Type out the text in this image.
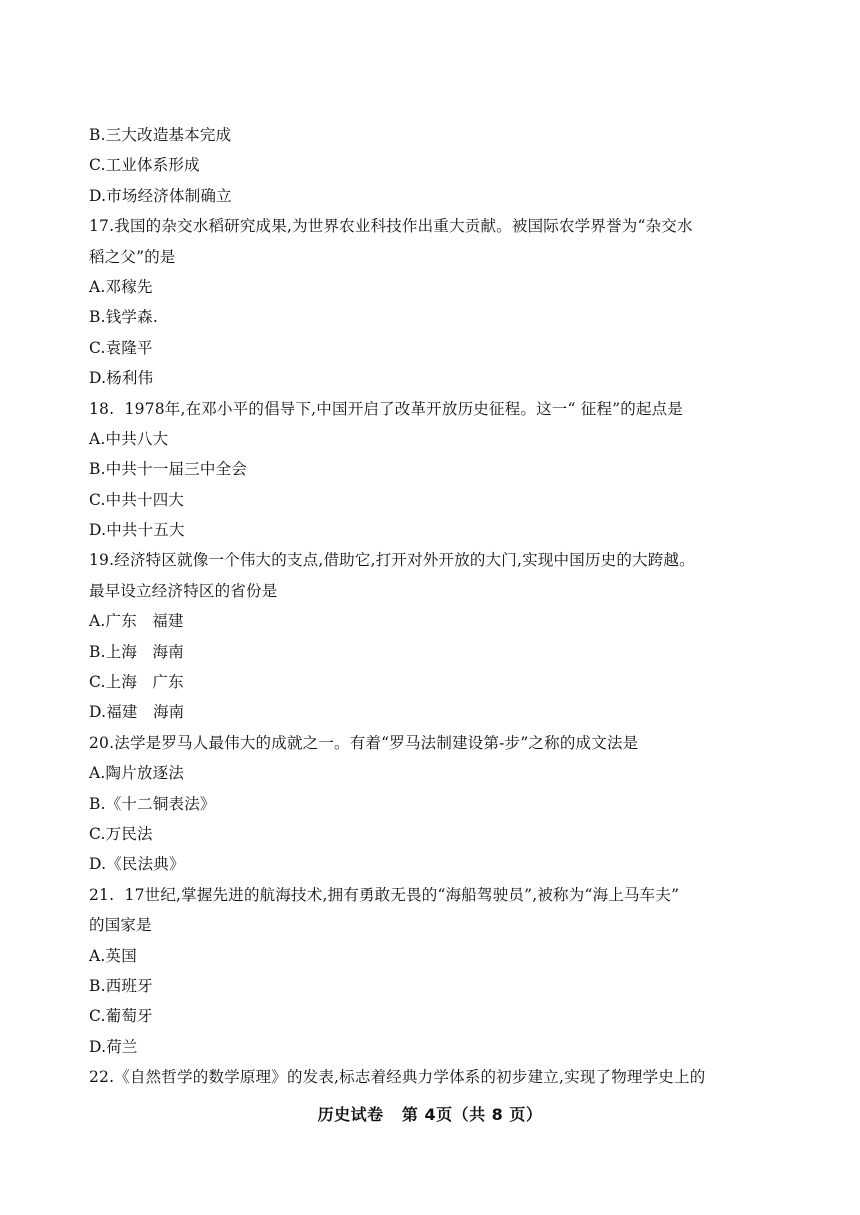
B.三大改造基本完成
C.工业体系形成
D.市场经济体制确立
17.我国的杂交水稻研究成果,为世界农业科技作出重大贡献。被国际农学界誉为“杂交水
稻之父”的是
A.邓稼先
B.钱学森.
C.袁隆平
D.杨利伟
18.  1978年,在邓小平的倡导下,中国开启了改革开放历史征程。这一“ 征程”的起点是
A.中共八大
B.中共十一届三中全会
C.中共十四大
D.中共十五大
19.经济特区就像一个伟大的支点,借助它,打开对外开放的大门,实现中国历史的大跨越。
最早设立经济特区的省份是
A.广东   福建
B.上海   海南
C.上海   广东
D.福建   海南
20.法学是罗马人最伟大的成就之一。有着“罗马法制建设第-步”之称的成文法是
A.陶片放逐法
B.《十二铜表法》
C.万民法
D.《民法典》
21.  17世纪,掌握先进的航海技术,拥有勇敢无畏的“海船驾驶员”,被称为“海上马车夫”
的国家是
A.英国
B.西班牙
C.葡萄牙
D.荷兰
22.《自然哲学的数学原理》的发表,标志着经典力学体系的初步建立,实现了物理学史上的
历史试卷 第 4页（共 8 页）
